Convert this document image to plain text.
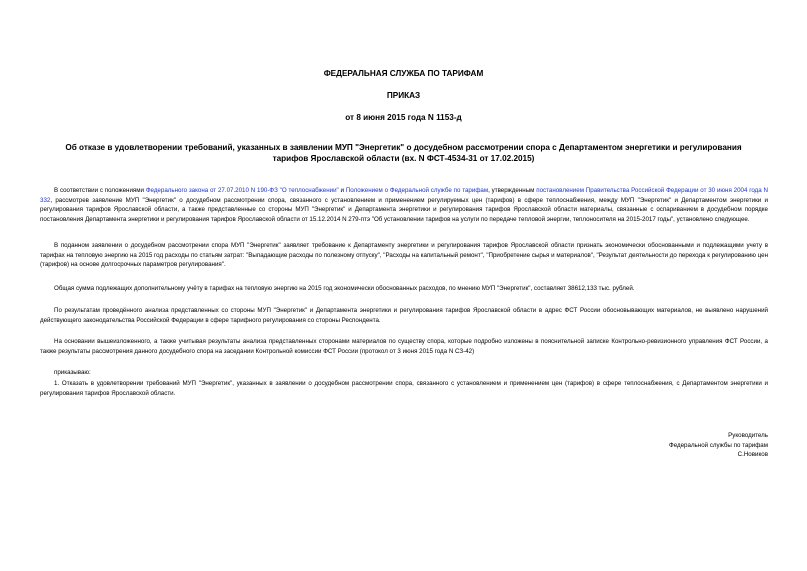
ФЕДЕРАЛЬНАЯ СЛУЖБА ПО ТАРИФАМ
ПРИКАЗ
от 8 июня 2015 года N 1153-д
Об отказе в удовлетворении требований, указанных в заявлении МУП "Энергетик" о досудебном рассмотрении спора с Департаментом энергетики и регулирования тарифов Ярославской области (вх. N ФСТ-4534-31 от 17.02.2015)

В соответствии с положениями Федерального закона от 27.07.2010 N 190-ФЗ "О теплоснабжении" и Положением о Федеральной службе по тарифам, утвержденным постановлением Правительства Российской Федерации от 30 июня 2004 года N 332, рассмотрев заявление МУП "Энергетик" о досудебном рассмотрении спора, связанного с установлением и применением регулируемых цен (тарифов) в сфере теплоснабжения, между МУП "Энергетик" и Департаментом энергетики и регулирования тарифов Ярославской области, а также представленные со стороны МУП "Энергетик" и Департамента энергетики и регулирования тарифов Ярославской области материалы, связанные с оспариванием в досудебном порядке постановления Департамента энергетики и регулирования тарифов Ярославской области от 15.12.2014 N 279-птэ "Об установлении тарифов на услуги по передаче тепловой энергии, теплоносителя на 2015-2017 годы", установлено следующее.

В поданном заявлении о досудебном рассмотрении спора МУП "Энергетик" заявляет требование к Департаменту энергетики и регулирования тарифов Ярославской области признать экономически обоснованными и подлежащими учету в тарифах на тепловую энергию на 2015 год расходы по статьям затрат: "Выпадающие расходы по полезному отпуску", "Расходы на капитальный ремонт", "Приобретение сырья и материалов", "Результат деятельности до перехода к регулированию цен (тарифов) на основе долгосрочных параметров регулирования".

Общая сумма подлежащих дополнительному учёту в тарифах на тепловую энергию на 2015 год экономически обоснованных расходов, по мнению МУП "Энергетик", составляет 38612,133 тыс. рублей.

По результатам проведённого анализа представленных со стороны МУП "Энергетик" и Департамента энергетики и регулирования тарифов Ярославской области в адрес ФСТ России обосновывающих материалов, не выявлено нарушений действующего законодательства Российской Федерации в сфере тарифного регулирования со стороны Респондента.

На основании вышеизложенного, а также учитывая результаты анализа представленных сторонами материалов по существу спора, которые подробно изложены в пояснительной записке Контрольно-ревизионного управления ФСТ России, а также результаты рассмотрения данного досудебного спора на заседании Контрольной комиссии ФСТ России (протокол от 3 июня 2015 года N СЗ-42)

приказываю:

1. Отказать в удовлетворении требований МУП "Энергетик", указанных в заявлении о досудебном рассмотрении спора, связанного с установлением и применением цен (тарифов) в сфере теплоснабжения, с Департаментом энергетики и регулирования тарифов Ярославской области.

Руководитель
Федеральной службы по тарифам
С.Новиков
